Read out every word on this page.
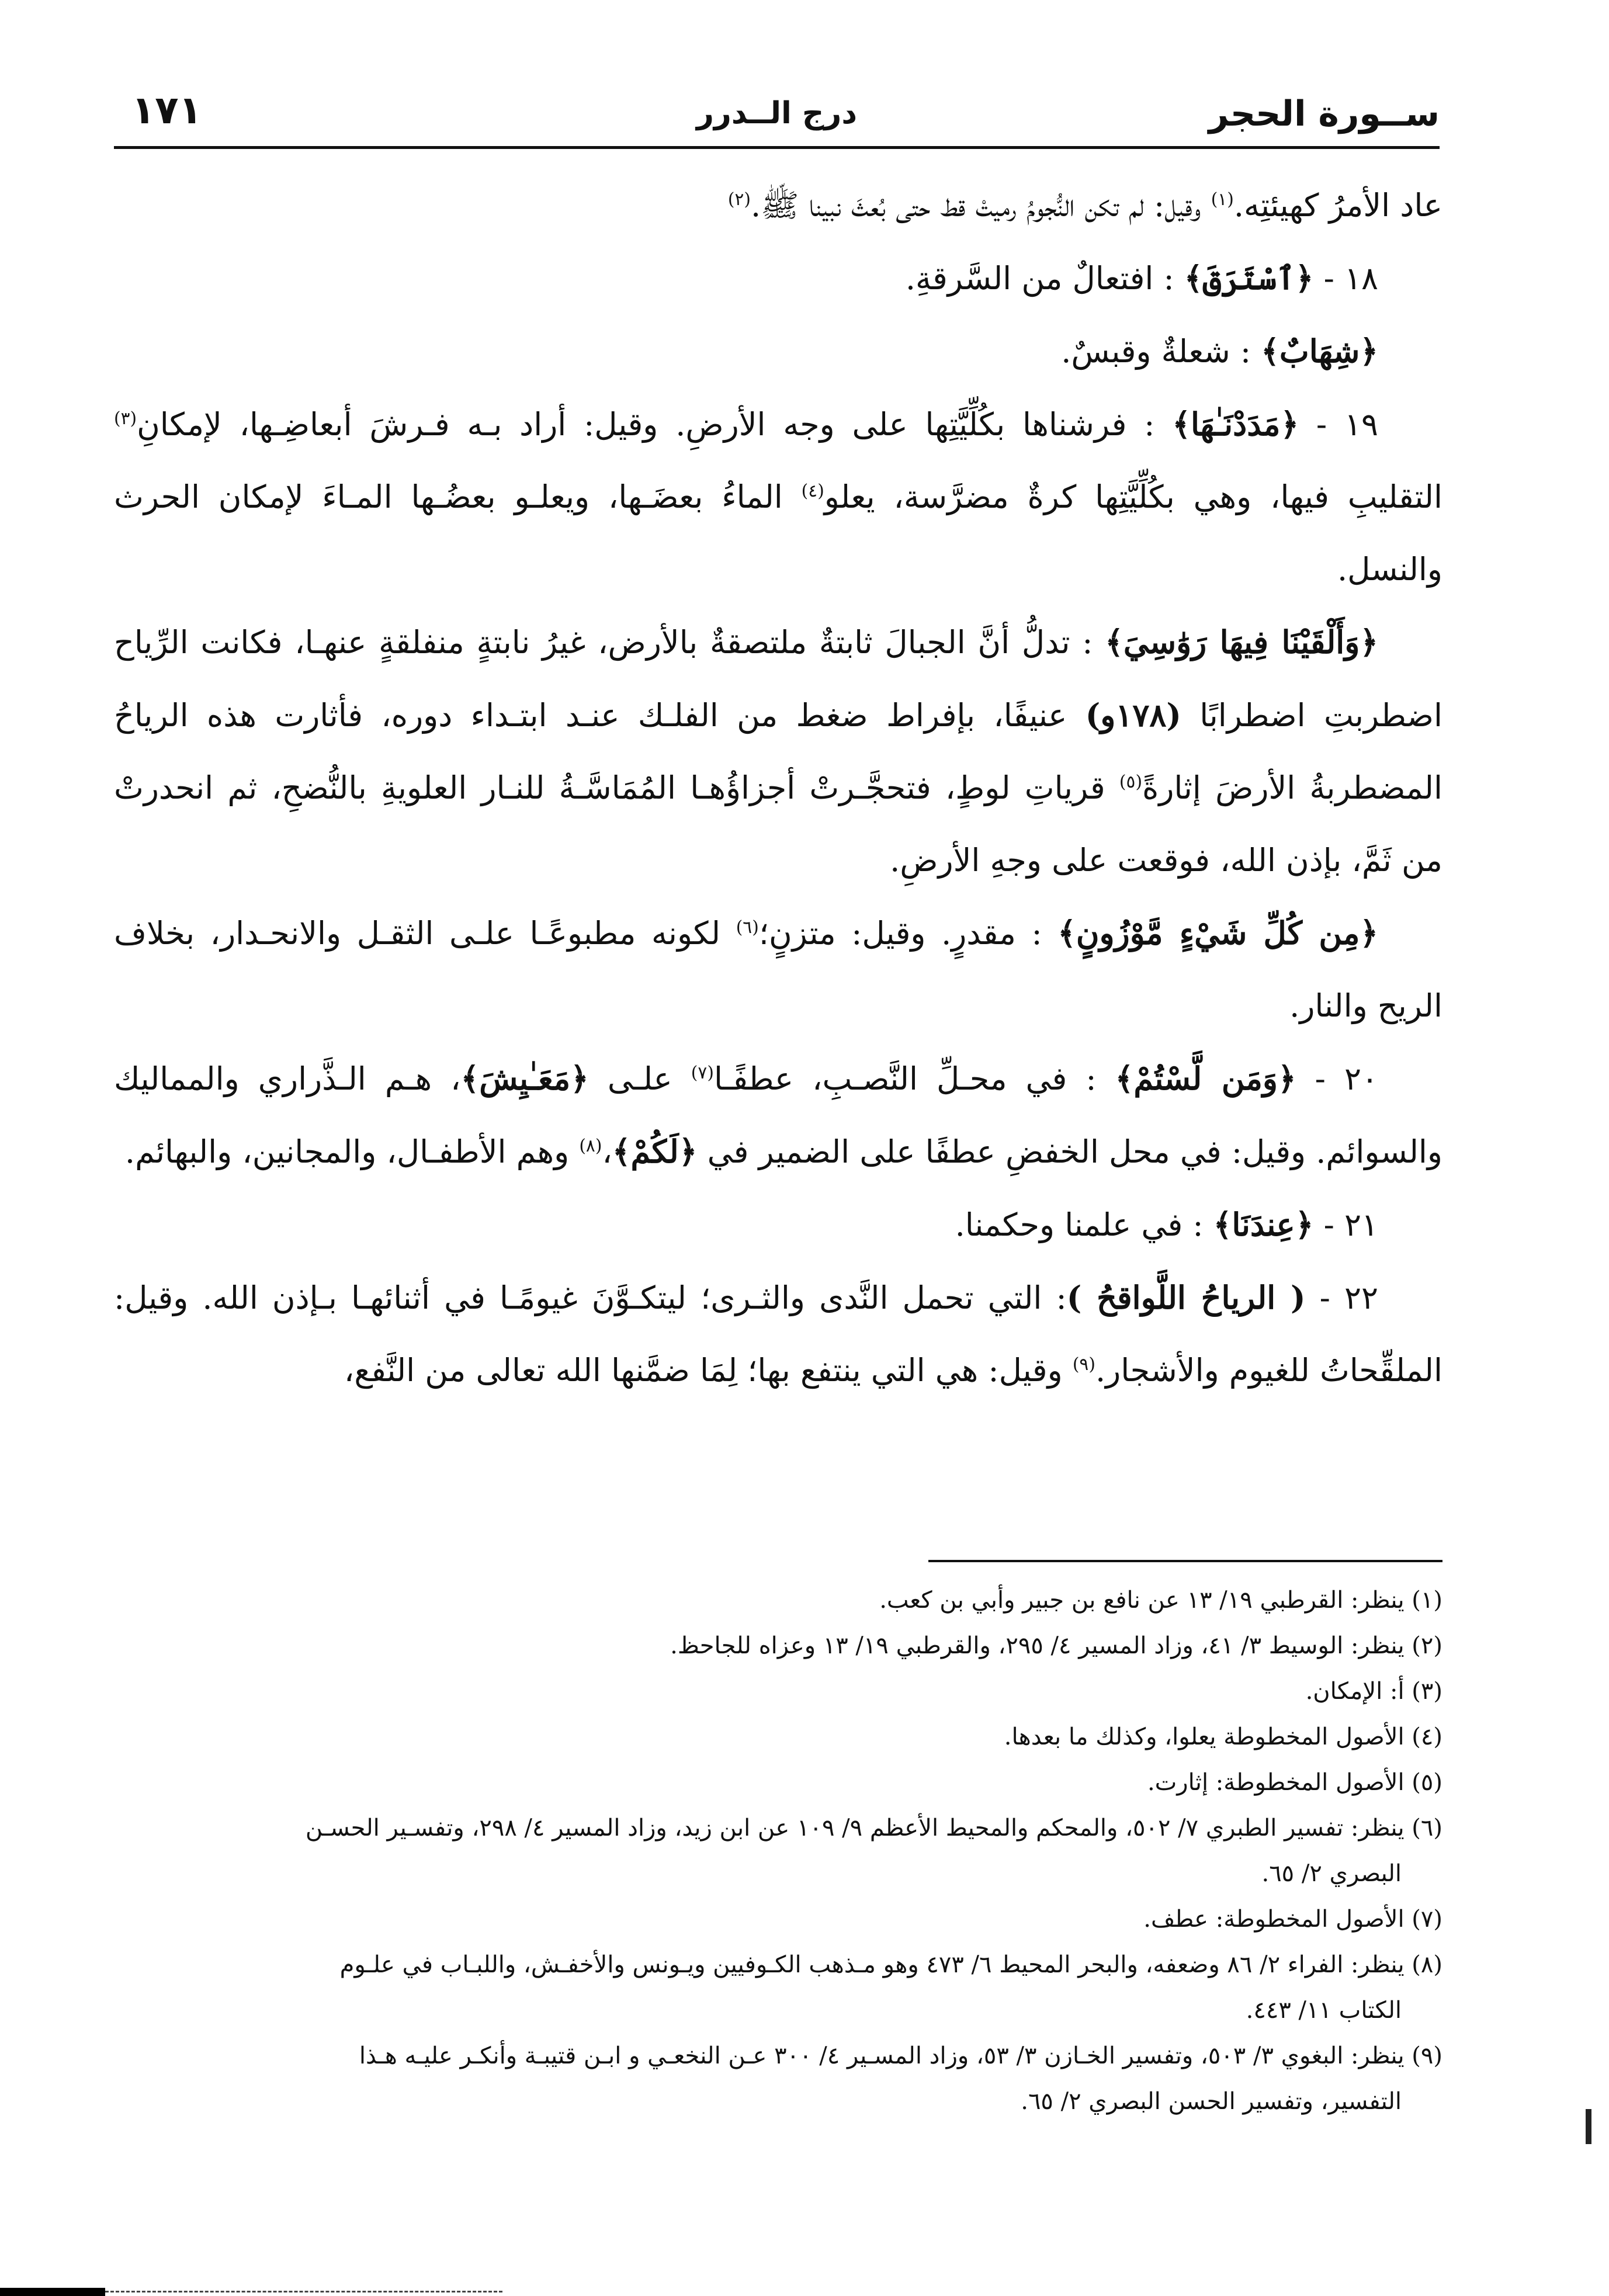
ســورة الحجر
درج الــدرر
١٧١

عاد الأمرُ كهيئتِه.$^{(١)}$ وقيل: لم تكن النُّجومُ رميتْ قط حتى بُعثَ نبينا ﷺ.$^{(٢)}$

١٨ - ﴿ٱسْتَرَقَ﴾ : افتعالٌ من السَّرقةِ.

﴿شِهَابٌ﴾ : شعلةٌ وقبسٌ.

١٩ - ﴿مَدَدْنَـٰهَا﴾ : فرشناها بكُلِّيَّتِها على وجه الأرضِ. وقيل: أراد بـه فـرشَ أبعاضِـها، لإمكانِ$^{(٣)}$ التقليبِ فيها، وهي بكُلِّيَّتِها كرةٌ مضرَّسة، يعلو$^{(٤)}$ الماءُ بعضَـها، ويعلـو بعضُـها المـاءَ لإمكان الحرث والنسل.

﴿وَأَلْقَيْنَا فِيهَا رَوَٰسِيَ﴾ : تدلُّ أنَّ الجبالَ ثابتةٌ ملتصقةٌ بالأرض، غيرُ نابتةٍ منفلقةٍ عنهـا، فكانت الرِّياح اضطربتِ اضطرابًا (١٧٨و) عنيفًا، بإفراط ضغط من الفلـك عنـد ابتـداء دوره، فأثارت هذه الرياحُ المضطربةُ الأرضَ إثارةً$^{(٥)}$ قرياتِ لوطٍ، فتحجَّـرتْ أجزاؤُهـا المُمَاسَّـةُ للنـار العلويةِ بالنُّضحِ، ثم انحدرتْ من ثَمَّ، بإذن الله، فوقعت على وجهِ الأرضِ.

﴿مِن كُلِّ شَيْءٍ مَّوْزُونٍ﴾ : مقدرٍ. وقيل: متزنٍ؛$^{(٦)}$ لكونه مطبوعًـا علـى الثقـل والانحـدار، بخلاف الريح والنار.

٢٠ - ﴿وَمَن لَّسْتُمْ﴾ : في محـلِّ النَّصـبِ، عطفًـا$^{(٧)}$ علـى ﴿مَعَـٰيِشَ﴾، هـم الـذَّراري والمماليك والسوائم. وقيل: في محل الخفضِ عطفًا على الضمير في ﴿لَكُمْ﴾،$^{(٨)}$ وهم الأطفـال، والمجانين، والبهائم.

٢١ - ﴿عِندَنَا﴾ : في علمنا وحكمنا.

٢٢ - ( الرياحُ اللَّواقحُ ): التي تحمل النَّدى والثـرى؛ ليتكـوَّنَ غيومًـا في أثنائهـا بـإذن الله. وقيل: الملقِّحاتُ للغيوم والأشجار.$^{(٩)}$ وقيل: هي التي ينتفع بها؛ لِمَا ضمَّنها الله تعالى من النَّفع،

(١) ينظر: القرطبي ١٩/ ١٣ عن نافع بن جبير وأبي بن كعب.

(٢) ينظر: الوسيط ٣/ ٤١، وزاد المسير ٤/ ٢٩٥، والقرطبي ١٩/ ١٣ وعزاه للجاحظ.

(٣) أ: الإمكان.

(٤) الأصول المخطوطة يعلوا، وكذلك ما بعدها.

(٥) الأصول المخطوطة: إثارت.

(٦) ينظر: تفسير الطبري ٧/ ٥٠٢، والمحكم والمحيط الأعظم ٩/ ١٠٩ عن ابن زيد، وزاد المسير ٤/ ٢٩٨، وتفسـير الحسـن

البصري ٢/ ٦٥.

(٧) الأصول المخطوطة: عطف.

(٨) ينظر: الفراء ٢/ ٨٦ وضعفه، والبحر المحيط ٦/ ٤٧٣ وهو مـذهب الكـوفيين ويـونس والأخفـش، واللبـاب في علـوم

الكتاب ١١/ ٤٤٣.

(٩) ينظر: البغوي ٣/ ٥٠٣، وتفسير الخـازن ٣/ ٥٣، وزاد المسـير ٤/ ٣٠٠ عـن النخعـي و ابـن قتيبـة وأنكـر عليـه هـذا

التفسير، وتفسير الحسن البصري ٢/ ٦٥.
